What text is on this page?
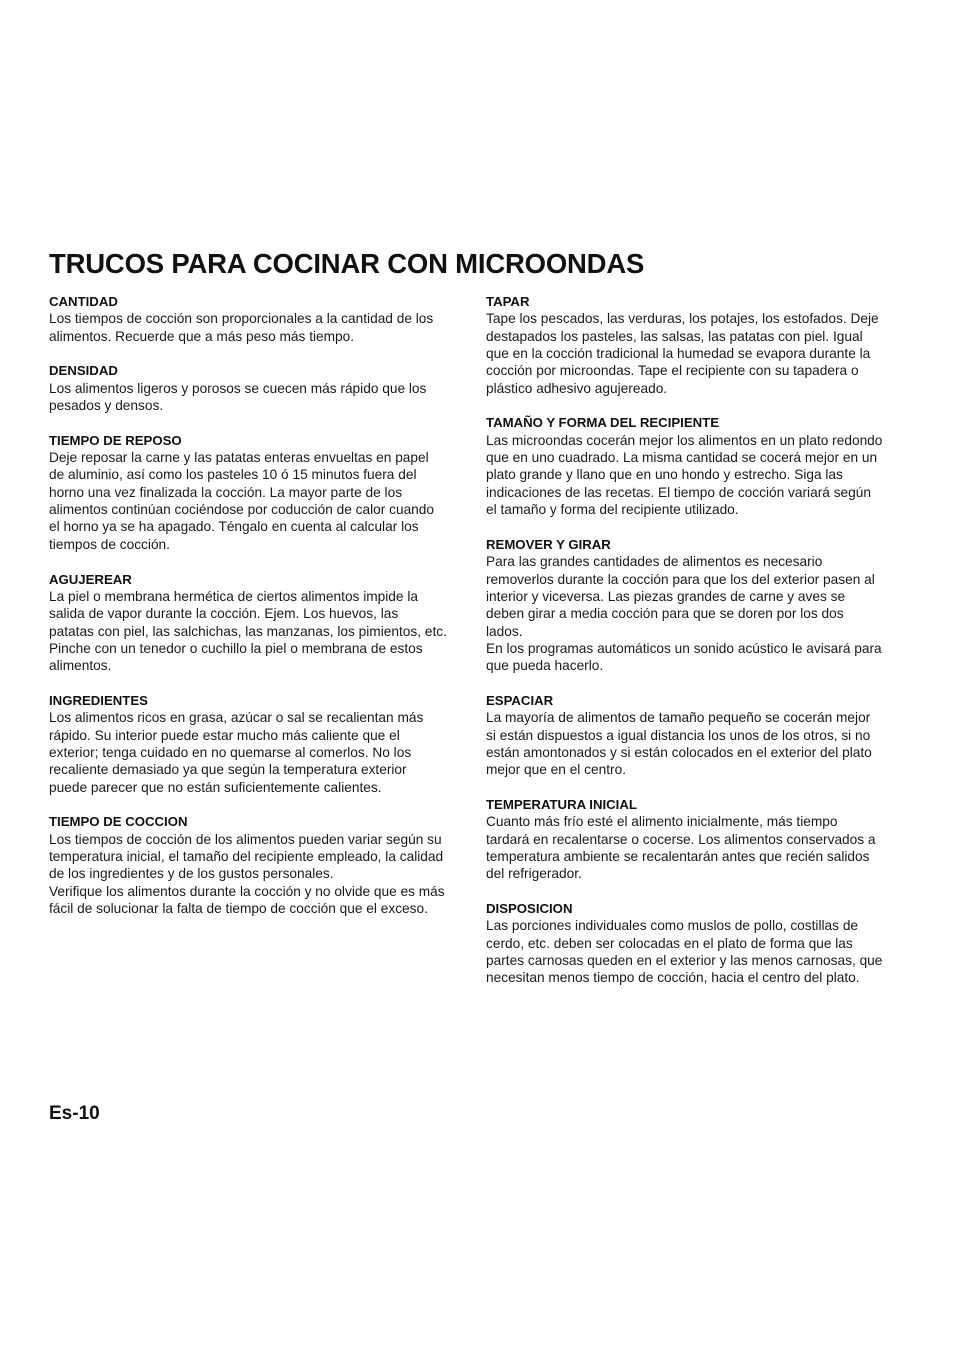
TRUCOS PARA COCINAR CON MICROONDAS
CANTIDAD

Los tiempos de cocción son proporcionales a la cantidad de los

alimentos. Recuerde que a más peso más tiempo.

DENSIDAD

Los alimentos ligeros y porosos se cuecen más rápido que los

pesados y densos.

TIEMPO DE REPOSO

Deje reposar la carne y las patatas enteras envueltas en papel

de aluminio, así como los pasteles 10 ó 15 minutos fuera del

horno una vez finalizada la cocción. La mayor parte de los

alimentos continúan cociéndose por coducción de calor cuando

el horno ya se ha apagado. Téngalo en cuenta al calcular los

tiempos de cocción.

AGUJEREAR

La piel o membrana hermética de ciertos alimentos impide la

salida de vapor durante la cocción. Ejem. Los huevos, las

patatas con piel, las salchichas, las manzanas, los pimientos, etc.

Pinche con un tenedor o cuchillo la piel o membrana de estos

alimentos.

INGREDIENTES

Los alimentos ricos en grasa, azúcar o sal se recalientan más

rápido. Su interior puede estar mucho más caliente que el

exterior; tenga cuidado en no quemarse al comerlos. No los

recaliente demasiado ya que según la temperatura exterior

puede parecer que no están suficientemente calientes.

TIEMPO DE COCCION

Los tiempos de cocción de los alimentos pueden variar según su

temperatura inicial, el tamaño del recipiente empleado, la calidad

de los ingredientes y de los gustos personales.

Verifique los alimentos durante la cocción y no olvide que es más

fácil de solucionar la falta de tiempo de cocción que el exceso.

TAPAR

Tape los pescados, las verduras, los potajes, los estofados. Deje

destapados los pasteles, las salsas, las patatas con piel. Igual

que en la cocción tradicional la humedad se evapora durante la

cocción por microondas. Tape el recipiente con su tapadera o

plástico adhesivo agujereado.

TAMAÑO Y FORMA DEL RECIPIENTE

Las microondas cocerán mejor los alimentos en un plato redondo

que en uno cuadrado. La misma cantidad se cocerá mejor en un

plato grande y llano que en uno hondo y estrecho. Siga las

indicaciones de las recetas. El tiempo de cocción variará según

el tamaño y forma del recipiente utilizado.

REMOVER Y GIRAR

Para las grandes cantidades de alimentos es necesario

removerlos durante la cocción para que los del exterior pasen al

interior y viceversa. Las piezas grandes de carne y aves se

deben girar a media cocción para que se doren por los dos

lados.

En los programas automáticos un sonido acústico le avisará para

que pueda hacerlo.

ESPACIAR

La mayoría de alimentos de tamaño pequeño se cocerán mejor

si están dispuestos a igual distancia los unos de los otros, si no

están amontonados y si están colocados en el exterior del plato

mejor que en el centro.

TEMPERATURA INICIAL

Cuanto más frío esté el alimento inicialmente, más tiempo

tardará en recalentarse o cocerse. Los alimentos conservados a

temperatura ambiente se recalentarán antes que recién salidos

del refrigerador.

DISPOSICION

Las porciones individuales como muslos de pollo, costillas de

cerdo, etc. deben ser colocadas en el plato de forma que las

partes carnosas queden en el exterior y las menos carnosas, que

necesitan menos tiempo de cocción, hacia el centro del plato.

Es-10
